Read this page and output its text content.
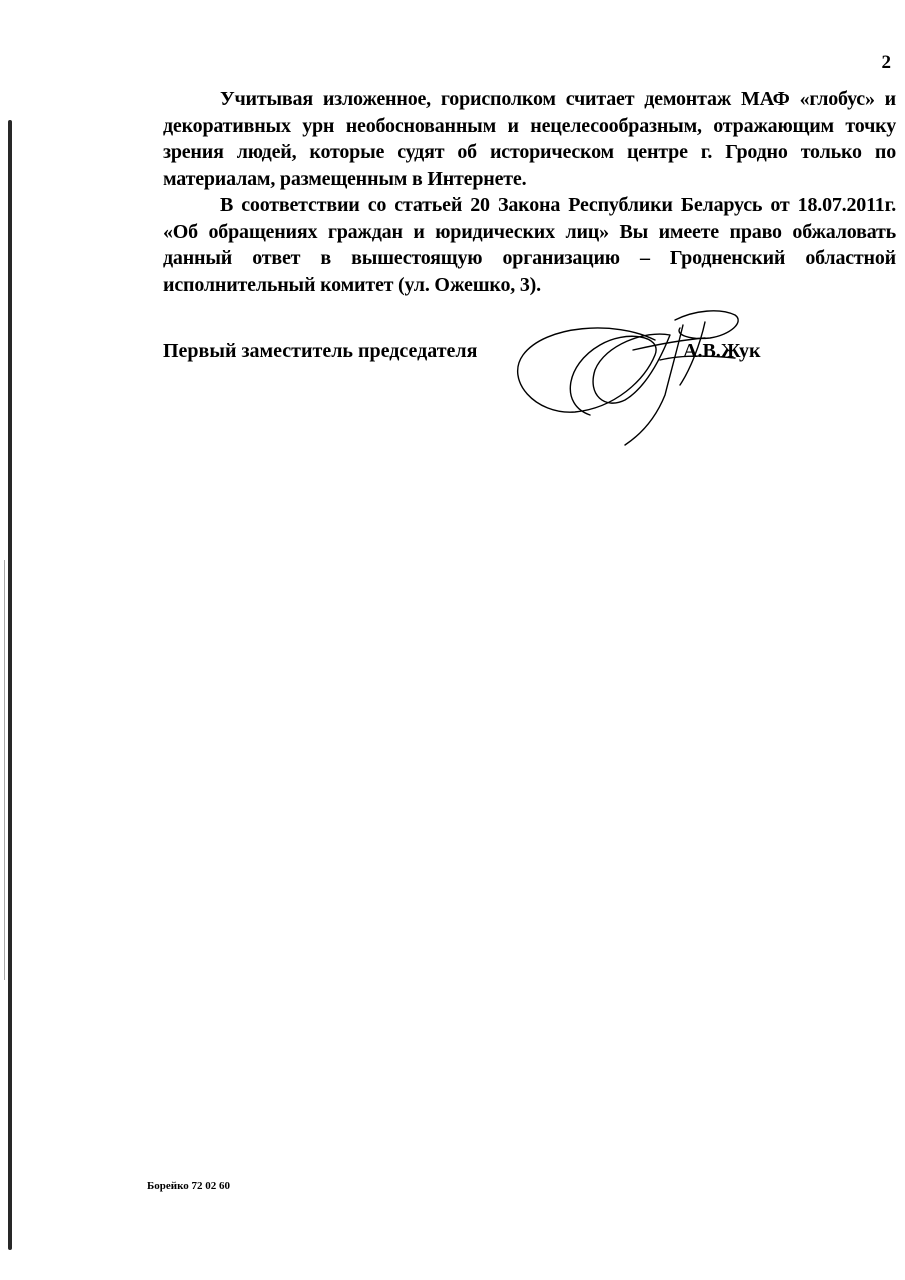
2

Учитывая изложенное, горисполком считает демонтаж МАФ «глобус» и декоративных урн необоснованным и нецелесообразным, отражающим точку зрения людей, которые судят об историческом центре г. Гродно только по материалам, размещенным в Интернете.

В соответствии со статьей 20 Закона Республики Беларусь от 18.07.2011г. «Об обращениях граждан и юридических лиц» Вы имеете право обжаловать данный ответ в вышестоящую организацию – Гродненский областной исполнительный комитет (ул. Ожешко, 3).

Первый заместитель председателя	А.В.Жук
Борейко 72 02 60
